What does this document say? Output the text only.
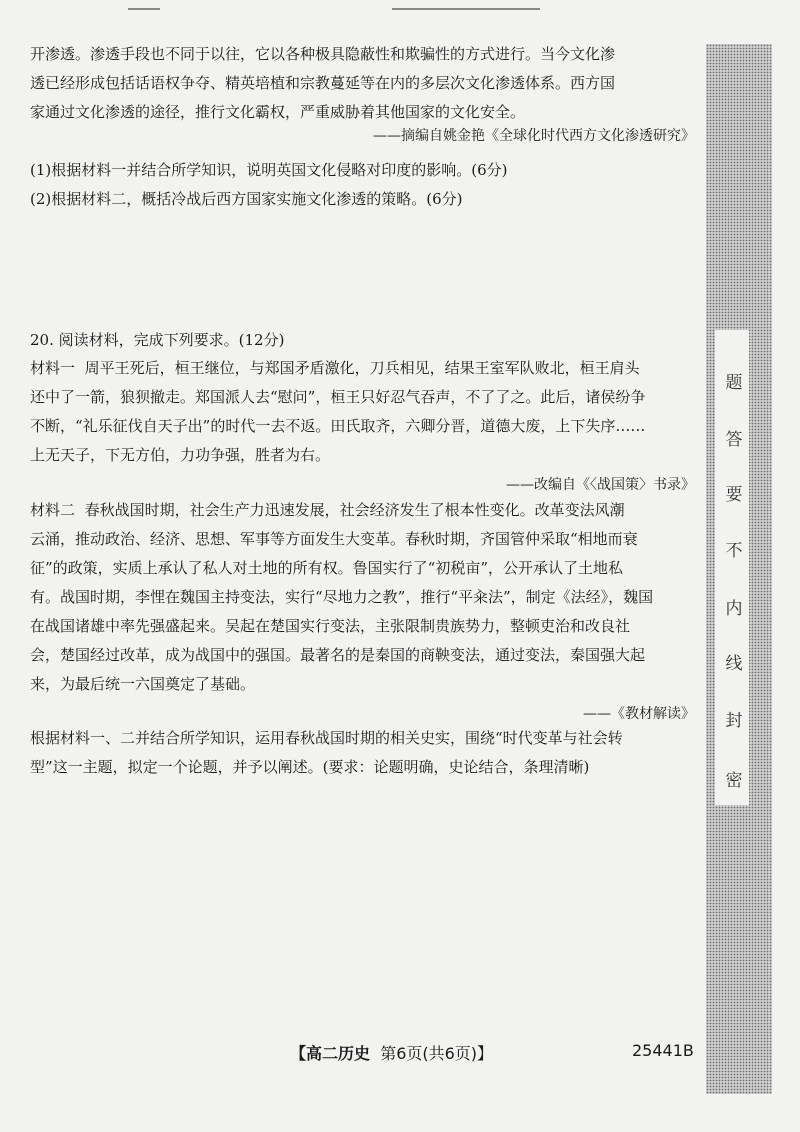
密
封
线
内
不
要
答
题

开渗透。渗透手段也不同于以往，它以各种极具隐蔽性和欺骗性的方式进行。当今文化渗
透已经形成包括话语权争夺、精英培植和宗教蔓延等在内的多层次文化渗透体系。西方国
家通过文化渗透的途径，推行文化霸权，严重威胁着其他国家的文化安全。

——摘编自姚金艳《全球化时代西方文化渗透研究》

(1)根据材料一并结合所学知识，说明英国文化侵略对印度的影响。(6分)

(2)根据材料二，概括冷战后西方国家实施文化渗透的策略。(6分)

20. 阅读材料，完成下列要求。(12分)

材料一 周平王死后，桓王继位，与郑国矛盾激化，刀兵相见，结果王室军队败北，桓王肩头
还中了一箭，狼狈撤走。郑国派人去“慰问”，桓王只好忍气吞声，不了了之。此后，诸侯纷争
不断，“礼乐征伐自天子出”的时代一去不返。田氏取齐，六卿分晋，道德大废，上下失序……
上无天子，下无方伯，力功争强，胜者为右。

——改编自《〈战国策〉书录》

材料二 春秋战国时期，社会生产力迅速发展，社会经济发生了根本性变化。改革变法风潮
云涌，推动政治、经济、思想、军事等方面发生大变革。春秋时期，齐国管仲采取“相地而衰
征”的政策，实质上承认了私人对土地的所有权。鲁国实行了“初税亩”，公开承认了土地私
有。战国时期，李悝在魏国主持变法，实行“尽地力之教”，推行“平籴法”，制定《法经》，魏国
在战国诸雄中率先强盛起来。吴起在楚国实行变法，主张限制贵族势力，整顿吏治和改良社
会，楚国经过改革，成为战国中的强国。最著名的是秦国的商鞅变法，通过变法，秦国强大起
来，为最后统一六国奠定了基础。

——《教材解读》

根据材料一、二并结合所学知识，运用春秋战国时期的相关史实，围绕“时代变革与社会转
型”这一主题，拟定一个论题，并予以阐述。(要求：论题明确，史论结合，条理清晰)

【高二历史 第6页(共6页)】	25441B
